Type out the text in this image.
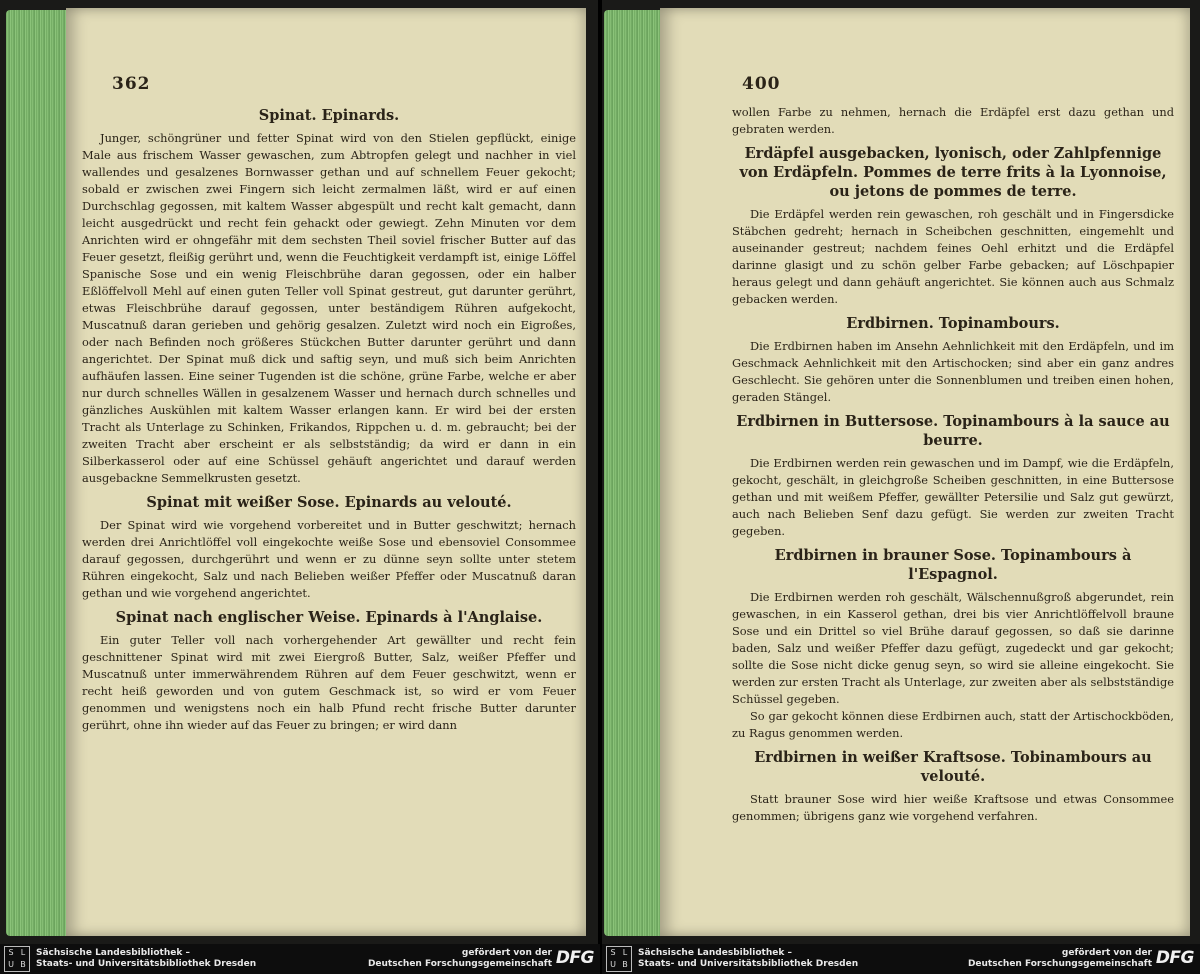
362
Spinat. Epinards.

Junger, schöngrüner und fetter Spinat wird von den Stielen gepflückt, einige Male aus frischem Wasser gewaschen, zum Abtropfen gelegt und nachher in viel wallendes und gesalzenes Bornwasser gethan und auf schnellem Feuer gekocht; sobald er zwischen zwei Fingern sich leicht zermalmen läßt, wird er auf einen Durchschlag gegossen, mit kaltem Wasser abgespült und recht kalt gemacht, dann leicht ausgedrückt und recht fein gehackt oder gewiegt. Zehn Minuten vor dem Anrichten wird er ohngefähr mit dem sechsten Theil soviel frischer Butter auf das Feuer gesetzt, fleißig gerührt und, wenn die Feuchtigkeit verdampft ist, einige Löffel Spanische Sose und ein wenig Fleischbrühe daran gegossen, oder ein halber Eßlöffelvoll Mehl auf einen guten Teller voll Spinat gestreut, gut darunter gerührt, etwas Fleischbrühe darauf gegossen, unter beständigem Rühren aufgekocht, Muscatnuß daran gerieben und gehörig gesalzen. Zuletzt wird noch ein Eigroßes, oder nach Befinden noch größeres Stückchen Butter darunter gerührt und dann angerichtet. Der Spinat muß dick und saftig seyn, und muß sich beim Anrichten aufhäufen lassen. Eine seiner Tugenden ist die schöne, grüne Farbe, welche er aber nur durch schnelles Wällen in gesalzenem Wasser und hernach durch schnelles und gänzliches Auskühlen mit kaltem Wasser erlangen kann. Er wird bei der ersten Tracht als Unterlage zu Schinken, Frikandos, Rippchen u. d. m. gebraucht; bei der zweiten Tracht aber erscheint er als selbstständig; da wird er dann in ein Silberkasserol oder auf eine Schüssel gehäuft angerichtet und darauf werden ausgebackne Semmelkrusten gesetzt.

Spinat mit weißer Sose. Epinards au velouté.

Der Spinat wird wie vorgehend vorbereitet und in Butter geschwitzt; hernach werden drei Anrichtlöffel voll eingekochte weiße Sose und ebensoviel Consommee darauf gegossen, durchgerührt und wenn er zu dünne seyn sollte unter stetem Rühren eingekocht, Salz und nach Belieben weißer Pfeffer oder Muscatnuß daran gethan und wie vorgehend angerichtet.

Spinat nach englischer Weise. Epinards à l'Anglaise.

Ein guter Teller voll nach vorhergehender Art gewällter und recht fein geschnittener Spinat wird mit zwei Eiergroß Butter, Salz, weißer Pfeffer und Muscatnuß unter immerwährendem Rühren auf dem Feuer geschwitzt, wenn er recht heiß geworden und von gutem Geschmack ist, so wird er vom Feuer genommen und wenigstens noch ein halb Pfund recht frische Butter darunter gerührt, ohne ihn wieder auf das Feuer zu bringen; er wird dann

400

wollen Farbe zu nehmen, hernach die Erdäpfel erst dazu gethan und gebraten werden.

Erdäpfel ausgebacken, lyonisch, oder Zahlpfennige von Erdäpfeln. Pommes de terre frits à la Lyonnoise, ou jetons de pommes de terre.

Die Erdäpfel werden rein gewaschen, roh geschält und in Fingersdicke Stäbchen gedreht; hernach in Scheibchen geschnitten, eingemehlt und auseinander gestreut; nachdem feines Oehl erhitzt und die Erdäpfel darinne glasigt und zu schön gelber Farbe gebacken; auf Löschpapier heraus gelegt und dann gehäuft angerichtet. Sie können auch aus Schmalz gebacken werden.

Erdbirnen. Topinambours.

Die Erdbirnen haben im Ansehn Aehnlichkeit mit den Erdäpfeln, und im Geschmack Aehnlichkeit mit den Artischocken; sind aber ein ganz andres Geschlecht. Sie gehören unter die Sonnenblumen und treiben einen hohen, geraden Stängel.

Erdbirnen in Buttersose. Topinambours à la sauce au beurre.

Die Erdbirnen werden rein gewaschen und im Dampf, wie die Erdäpfeln, gekocht, geschält, in gleichgroße Scheiben geschnitten, in eine Buttersose gethan und mit weißem Pfeffer, gewällter Petersilie und Salz gut gewürzt, auch nach Belieben Senf dazu gefügt. Sie werden zur zweiten Tracht gegeben.

Erdbirnen in brauner Sose. Topinambours à l'Espagnol.

Die Erdbirnen werden roh geschält, Wälschennußgroß abgerundet, rein gewaschen, in ein Kasserol gethan, drei bis vier Anrichtlöffelvoll braune Sose und ein Drittel so viel Brühe darauf gegossen, so daß sie darinne baden, Salz und weißer Pfeffer dazu gefügt, zugedeckt und gar gekocht; sollte die Sose nicht dicke genug seyn, so wird sie alleine eingekocht. Sie werden zur ersten Tracht als Unterlage, zur zweiten aber als selbstständige Schüssel gegeben.

So gar gekocht können diese Erdbirnen auch, statt der Artischockböden, zu Ragus genommen werden.

Erdbirnen in weißer Kraftsose. Tobinambours au velouté.

Statt brauner Sose wird hier weiße Kraftsose und etwas Consommee genommen; übrigens ganz wie vorgehend verfahren.

S L
U B
Sächsische Landesbibliothek –
Staats- und Universitätsbibliothek Dresden
gefördert von der
Deutschen Forschungsgemeinschaft DFG	S L
U B
Sächsische Landesbibliothek –
Staats- und Universitätsbibliothek Dresden
gefördert von der
Deutschen Forschungsgemeinschaft DFG
